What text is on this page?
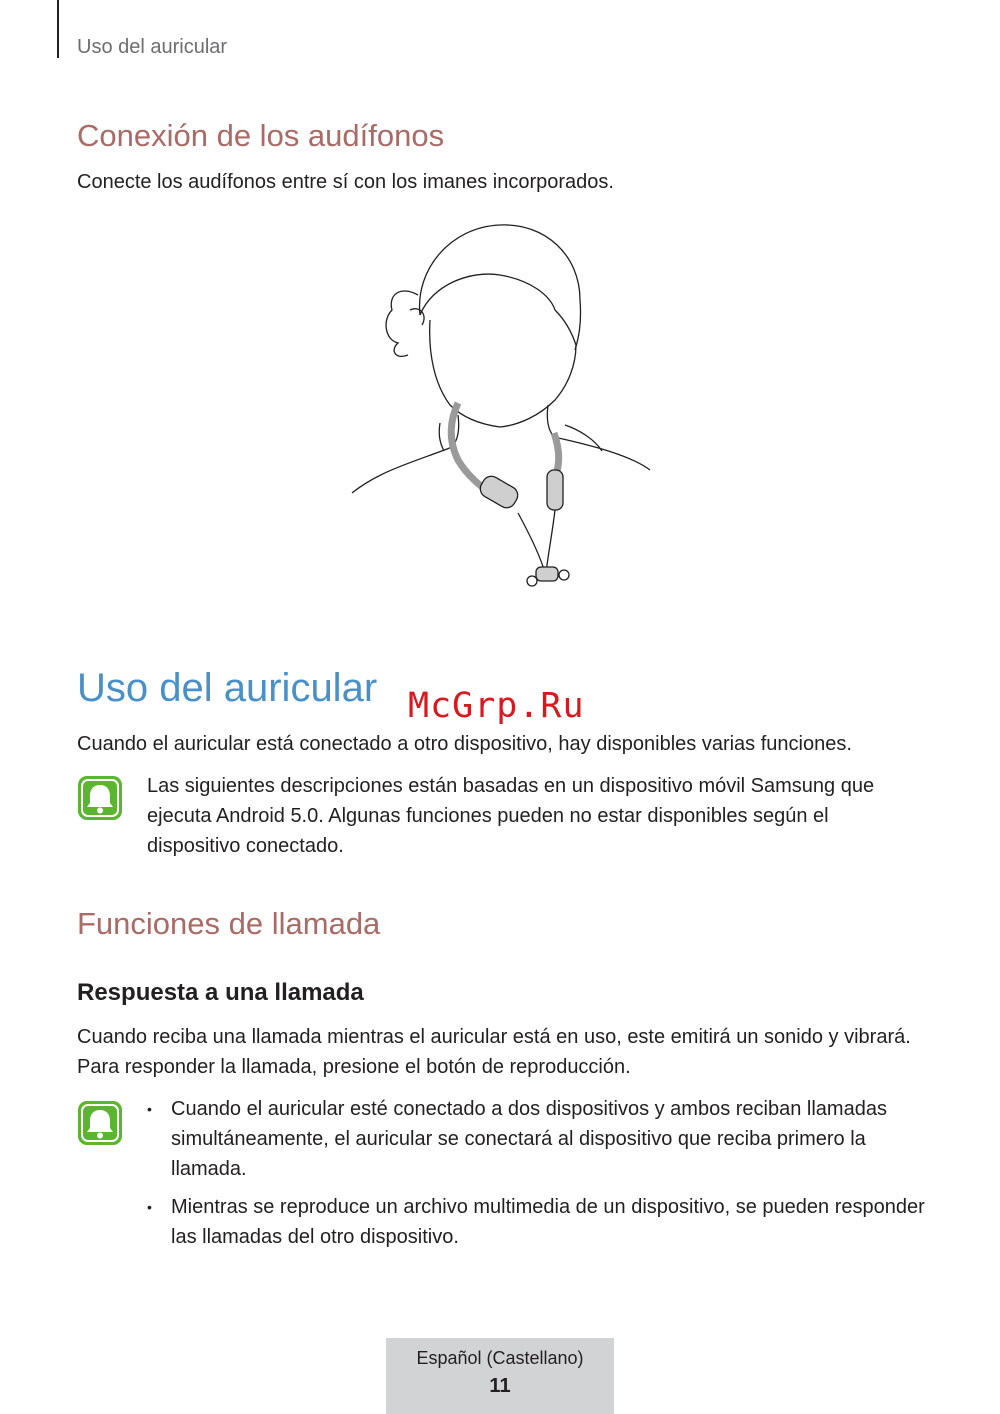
Uso del auricular
Conexión de los audífonos
Conecte los audífonos entre sí con los imanes incorporados.
Uso del auricular McGrp.Ru
Cuando el auricular está conectado a otro dispositivo, hay disponibles varias funciones.
Las siguientes descripciones están basadas en un dispositivo móvil Samsung que ejecuta Android 5.0. Algunas funciones pueden no estar disponibles según el dispositivo conectado.
Funciones de llamada
Respuesta a una llamada
Cuando reciba una llamada mientras el auricular está en uso, este emitirá un sonido y vibrará. Para responder la llamada, presione el botón de reproducción.
• Cuando el auricular esté conectado a dos dispositivos y ambos reciban llamadas simultáneamente, el auricular se conectará al dispositivo que reciba primero la llamada.
• Mientras se reproduce un archivo multimedia de un dispositivo, se pueden responder las llamadas del otro dispositivo.
Español (Castellano)
11
